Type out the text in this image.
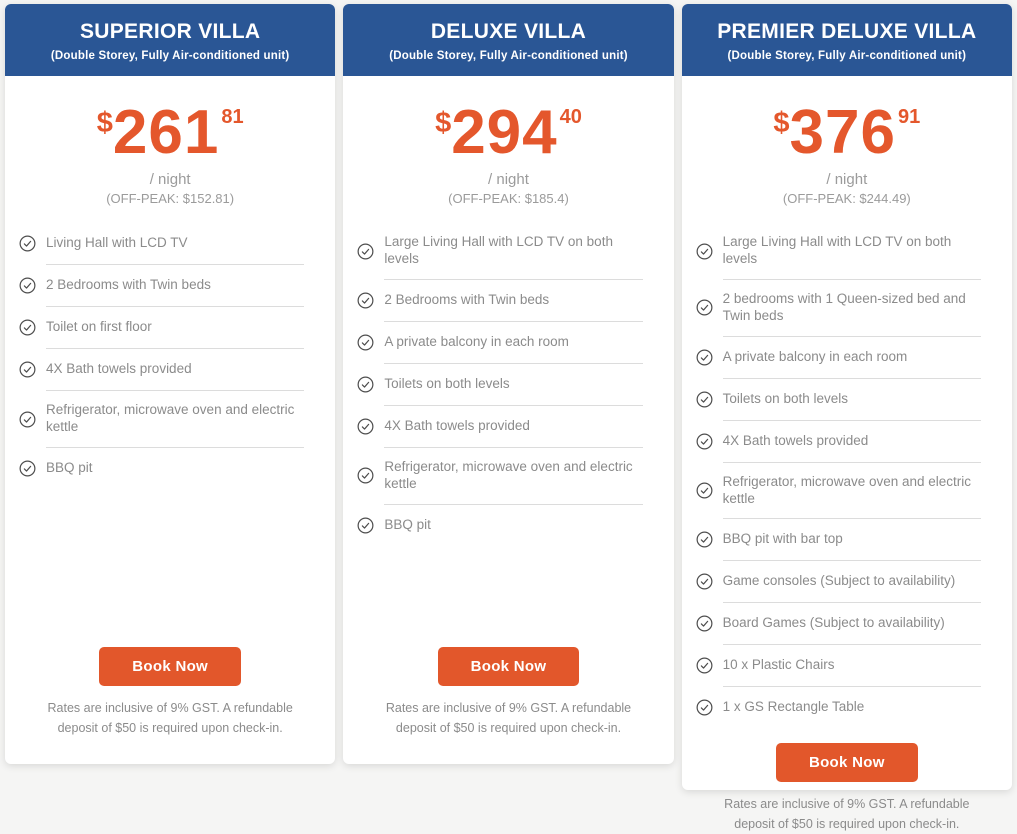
SUPERIOR VILLA
(Double Storey, Fully Air-conditioned unit)
$ 261 81
/ night
(OFF-PEAK: $152.81)
Living Hall with LCD TV
2 Bedrooms with Twin beds
Toilet on first floor
4X Bath towels provided
Refrigerator, microwave oven and electric kettle
BBQ pit
Book Now
Rates are inclusive of 9% GST. A refundable deposit of $50 is required upon check-in.
DELUXE VILLA
(Double Storey, Fully Air-conditioned unit)
$ 294 40
/ night
(OFF-PEAK: $185.4)
Large Living Hall with LCD TV on both levels
2 Bedrooms with Twin beds
A private balcony in each room
Toilets on both levels
4X Bath towels provided
Refrigerator, microwave oven and electric kettle
BBQ pit
Book Now
Rates are inclusive of 9% GST. A refundable deposit of $50 is required upon check-in.
PREMIER DELUXE VILLA
(Double Storey, Fully Air-conditioned unit)
$ 376 91
/ night
(OFF-PEAK: $244.49)
Large Living Hall with LCD TV on both levels
2 bedrooms with 1 Queen-sized bed and Twin beds
A private balcony in each room
Toilets on both levels
4X Bath towels provided
Refrigerator, microwave oven and electric kettle
BBQ pit with bar top
Game consoles (Subject to availability)
Board Games (Subject to availability)
10 x Plastic Chairs
1 x GS Rectangle Table
Book Now
Rates are inclusive of 9% GST. A refundable deposit of $50 is required upon check-in.
